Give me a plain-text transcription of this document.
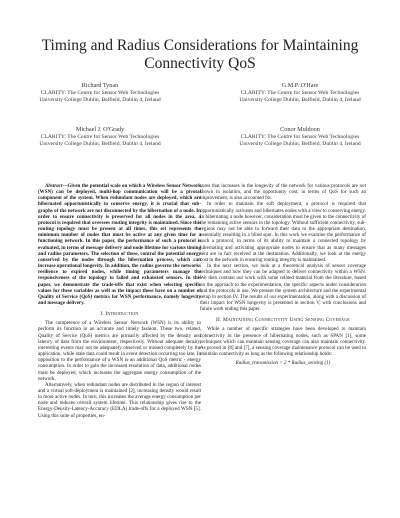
Timing and Radius Considerations for Maintaining Connectivity QoS
Richard Tynan
CLARITY: The Centre for Sensor Web Technologies
University College Dublin, Belfield, Dublin 4, Ireland
G.M.P. O'Hare
CLARITY: The Centre for Sensor Web Technologies
University College Dublin, Belfield, Dublin 4, Ireland
Michael J. O'Grady
CLARITY: The Centre for Sensor Web Technologies
University College Dublin, Belfield, Dublin 4, Ireland
Conor Muldoon
CLARITY: The Centre for Sensor Web Technologies
University College Dublin, Belfield, Dublin 4, Ireland

Abstract—Given the potential scale on which a Wireless Sensor Network (WSN) can be deployed, multi-hop communication will be a pivotal component of the system. When redundant nodes are deployed, which are hibernated opportunistically to conserve energy, it is crucial that sub-graphs of the network are not disconnected by the hibernation of a node. In order to ensure connectivity is preserved for all nodes in the area, a protocol is required that oversees routing integrity is maintained. Since this routing topology must be present at all times, this set represents the minimum number of nodes that must be active at any given time for a functioning network. In this paper, the performance of such a protocol is evaluated, in terms of message delivery and node lifetime for various timing and radius parameters. The selection of these, control the potential energy conserved by the nodes through the hibernation process, which can increase operational longevity. In addition, the radius governs the networks resilience to expired nodes, while timing parameters manage the responsiveness of the topology to failed and exhausted sensors. In this paper, we demonstrate the trade-offs that exist when selecting specific values for these variables as well as the impact these have on a number of Quality of Service (QoS) metrics for WSN performance, namely longevity and message delivery.

I. Introduction

The competence of a Wireless Sensor Network (WSN) is its ability to perform its function in an accurate and timely fashion. These two, related, Quality of Service (QoS) metrics are primarily affected by the density and latency of data from the environment, respectively. Without adequate density, interesting events may not be adequately observed or missed completely by the application, while stale data could result in event detection occurring too late. In opposition to the performance of a WSN is an additional QoS metric - energy consumption. In order to gain the increased resolution of data, additional nodes must be deployed, which increases the aggregate energy consumption of the network.

Alternatively, when redundant nodes are distributed in the region of interest and a virtual soft-deployment is maintained [2], increasing density would result in more active nodes. In turn, this increases the average energy consumption per node and reduces overall system lifetime. This relationship gives rise to the Energy-Density-Latency-Accuracy (EDLA) trade-offs for a deployed WSN [5]. Using this suite of properties, en-

sures that increases in the longevity of the network for various protocols are not shown in isolation, and the opportunity cost, in terms of QoS for such an improvement, is also accounted for.

In order to maintain the soft deployment, a protocol is required that opportunistically activates and hibernates nodes with a view to conserving energy. In hibernating a node however, consideration must be given to the connectivity of the remaining active sensors in the topology. Without sufficient connectivity, sub-regions may not be able to forward their data to the appropriate destination, essentially resulting in a blind spot. In this work we examine the performance of such a protocol, in terms of its ability to maintain a connected topology by hibernating and activating appropriate nodes to ensure that as many messages sent are in fact received at the destination. Additionally, we look at the energy cost to the network in ensuring routing integrity is maintained.

In the next section, we look at a theoretical analysis of sensor coverage techniques and how they can be adapted to deliver connectivity within a WSN. We then contrast our work with some related material from the literature, based on the approach to the experimentation, the specific aspects under consideration and the protocols in use. We present the system architecture and the experimental setup in section IV. The results of our experimentation, along with a discussion of their impact for WSN longevity is presented in section V, with conclusions and future work ending this paper.

II. Maintaining Connectivity Using Sensing Coverage

While a number of specific strategies have been developed to maintain connectivity in the presence of hibernating nodes, such as SPAN [1], some techniques which can maintain sensing coverage can also maintain connectivity. As proved in [8] and [7], a sensing coverage maintenance protocol can be used to maintain connectivity as long as the following relationship holds:

Radius_transmission > 2 * Radius_sensing (1)
